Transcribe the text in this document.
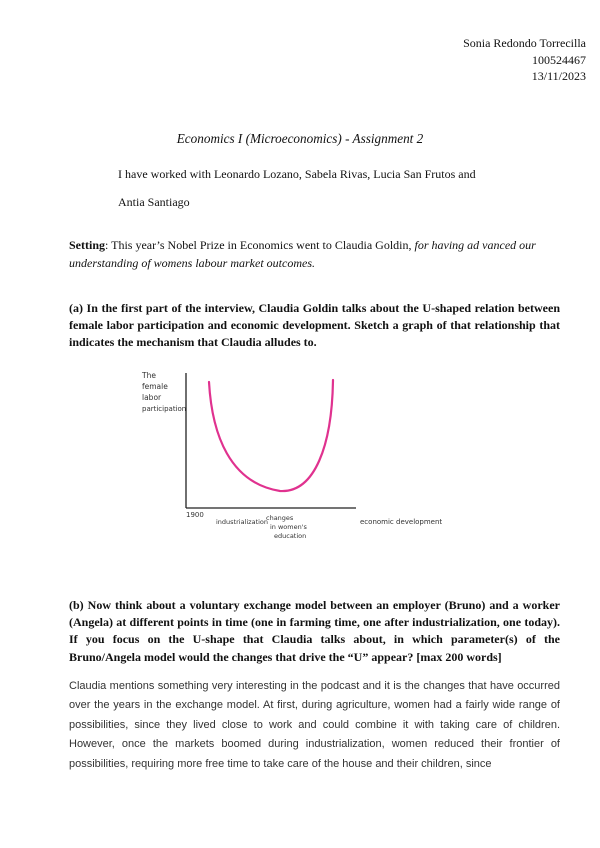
Sonia Redondo Torrecilla
100524467
13/11/2023
Economics I (Microeconomics) - Assignment 2
I have worked with Leonardo Lozano, Sabela Rivas, Lucia San Frutos and
Antia Santiago
Setting: This year’s Nobel Prize in Economics went to Claudia Goldin, for having ad vanced our understanding of womens labour market outcomes.
(a) In the first part of the interview, Claudia Goldin talks about the U-shaped relation between female labor participation and economic development. Sketch a graph of that relationship that indicates the mechanism that Claudia alludes to.
The
female
labor
participation
1900
industrialization
changes
in women's
education
economic development
(b) Now think about a voluntary exchange model between an employer (Bruno) and a worker (Angela) at different points in time (one in farming time, one after industrialization, one today). If you focus on the U-shape that Claudia talks about, in which parameter(s) of the Bruno/Angela model would the changes that drive the “U” appear? [max 200 words]
Claudia mentions something very interesting in the podcast and it is the changes that have occurred over the years in the exchange model. At first, during agriculture, women had a fairly wide range of possibilities, since they lived close to work and could combine it with taking care of children. However, once the markets boomed during industrialization, women reduced their frontier of possibilities, requiring more free time to take care of the house and their children, since
